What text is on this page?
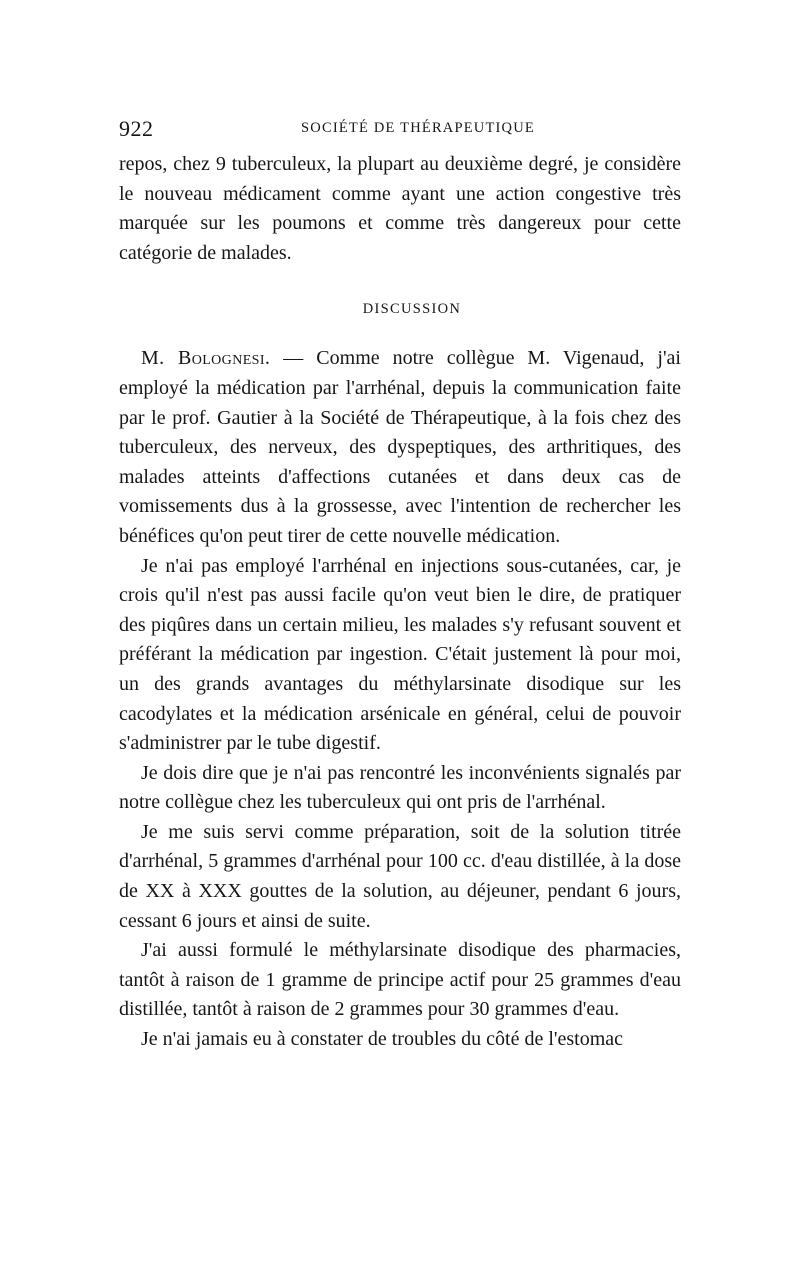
922	SOCIÉTÉ DE THÉRAPEUTIQUE

repos, chez 9 tuberculeux, la plupart au deuxième degré, je considère le nouveau médicament comme ayant une action congestive très marquée sur les poumons et comme très dangereux pour cette catégorie de malades.

DISCUSSION

M. Bolognesi. — Comme notre collègue M. Vigenaud, j'ai employé la médication par l'arrhénal, depuis la communication faite par le prof. Gautier à la Société de Thérapeutique, à la fois chez des tuberculeux, des nerveux, des dyspeptiques, des arthritiques, des malades atteints d'affections cutanées et dans deux cas de vomissements dus à la grossesse, avec l'intention de rechercher les bénéfices qu'on peut tirer de cette nouvelle médication.

Je n'ai pas employé l'arrhénal en injections sous-cutanées, car, je crois qu'il n'est pas aussi facile qu'on veut bien le dire, de pratiquer des piqûres dans un certain milieu, les malades s'y refusant souvent et préférant la médication par ingestion. C'était justement là pour moi, un des grands avantages du méthylarsinate disodique sur les cacodylates et la médication arsénicale en général, celui de pouvoir s'administrer par le tube digestif.

Je dois dire que je n'ai pas rencontré les inconvénients signalés par notre collègue chez les tuberculeux qui ont pris de l'arrhénal.

Je me suis servi comme préparation, soit de la solution titrée d'arrhénal, 5 grammes d'arrhénal pour 100 cc. d'eau distillée, à la dose de XX à XXX gouttes de la solution, au déjeuner, pendant 6 jours, cessant 6 jours et ainsi de suite.

J'ai aussi formulé le méthylarsinate disodique des pharmacies, tantôt à raison de 1 gramme de principe actif pour 25 grammes d'eau distillée, tantôt à raison de 2 grammes pour 30 grammes d'eau.

Je n'ai jamais eu à constater de troubles du côté de l'estomac
